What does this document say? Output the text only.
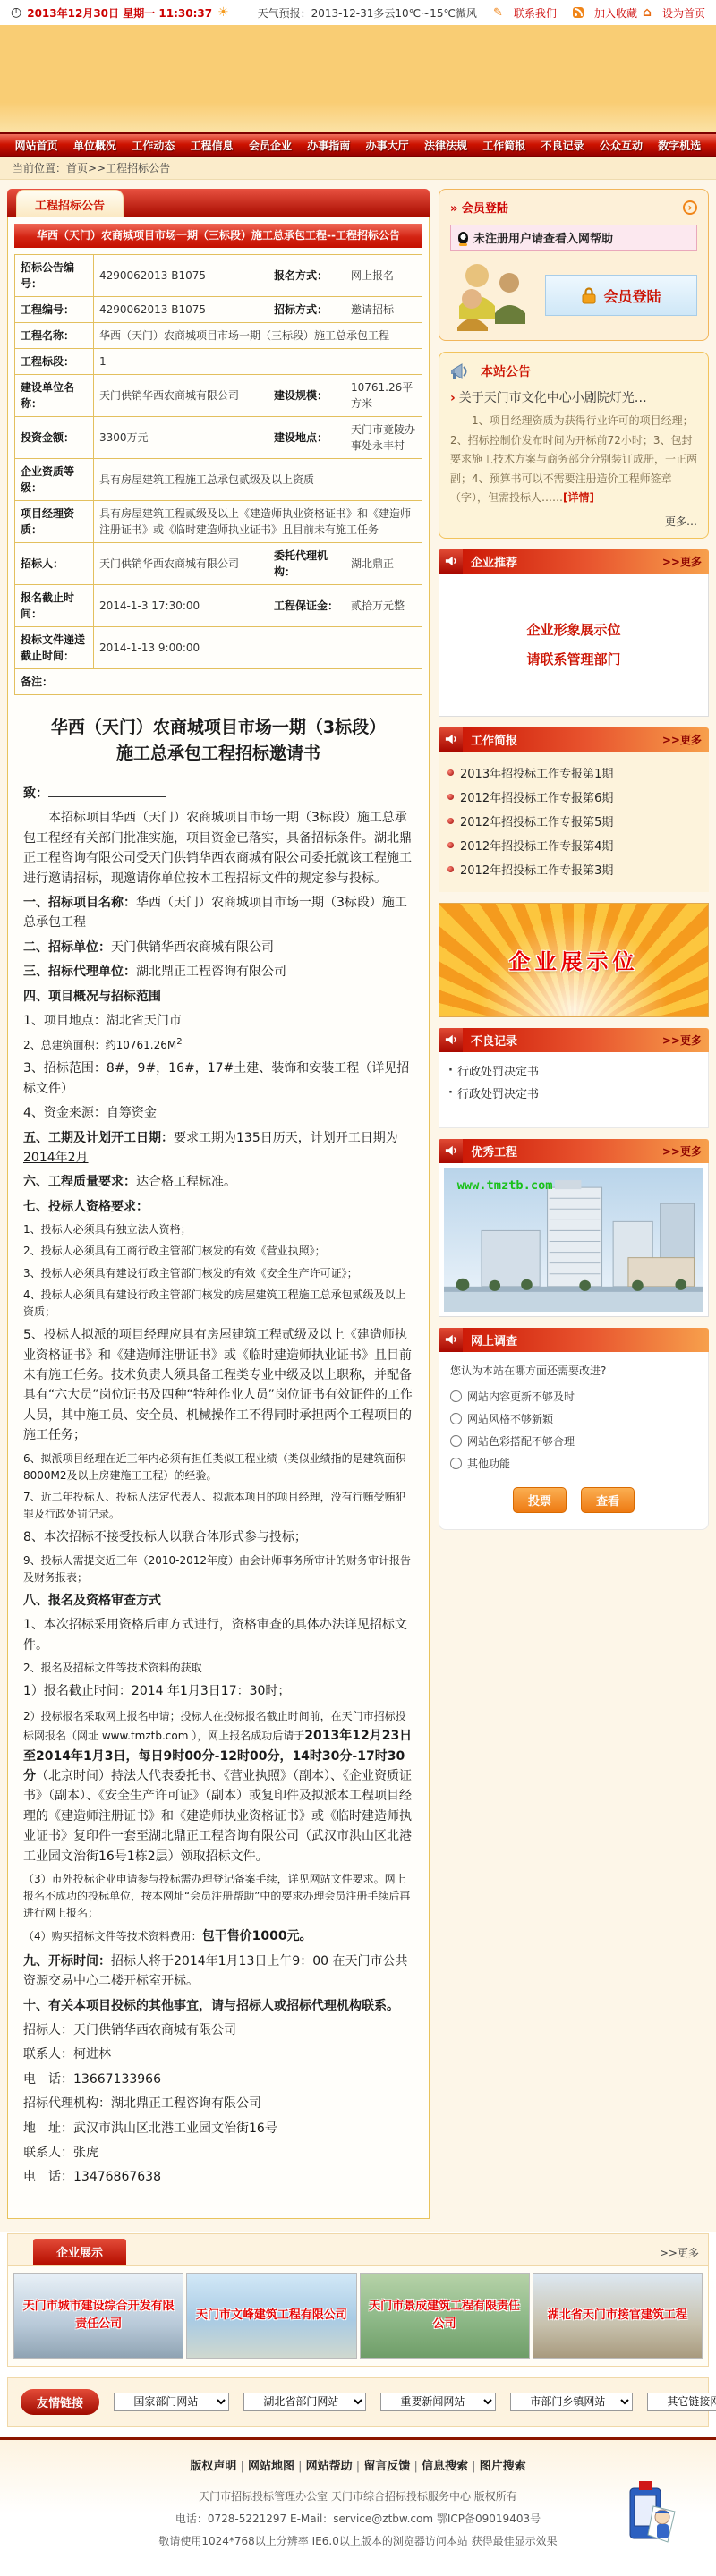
◷ 2013年12月30日 星期一 11:30:37 ☀	天气预报：2013-12-31多云10℃~15℃微风 ✎ 联系我们	加入收藏 ⌂ 设为首页
网站首页 单位概况 工作动态 工程信息 会员企业 办事指南 办事大厅 法律法规 工作简报 不良记录 公众互动 数字机选
当前位置：首页>>工程招标公告
工程招标公告
华西（天门）农商城项目市场一期（三标段）施工总承包工程--工程招标公告
招标公告编号：	4290062013-B1075	报名方式：	网上报名
工程编号：	4290062013-B1075	招标方式：	邀请招标
工程名称：	华西（天门）农商城项目市场一期（三标段）施工总承包工程		
工程标段：	1		
建设单位名称：	天门供销华西农商城有限公司	建设规模：	10761.26平方米
投资金额：	3300万元	建设地点：	天门市竟陵办事处永丰村
企业资质等级：	具有房屋建筑工程施工总承包贰级及以上资质		
项目经理资质：	具有房屋建筑工程贰级及以上《建造师执业资格证书》和《建造师注册证书》或《临时建造师执业证书》且目前未有施工任务		
招标人：	天门供销华西农商城有限公司	委托代理机构：	湖北鼎正
报名截止时间：	2014-1-3 17:30:00	工程保证金：	贰拾万元整
投标文件递送截止时间：	2014-1-13 9:00:00		
备注：			
华西（天门）农商城项目市场一期（3标段）
施工总承包工程招标邀请书

致：

本招标项目华西（天门）农商城项目市场一期（3标段）施工总承包工程经有关部门批准实施，项目资金已落实，具备招标条件。湖北鼎正工程咨询有限公司受天门供销华西农商城有限公司委托就该工程施工进行邀请招标，现邀请你单位按本工程招标文件的规定参与投标。

一、招标项目名称：华西（天门）农商城项目市场一期（3标段）施工总承包工程

二、招标单位：天门供销华西农商城有限公司

三、招标代理单位：湖北鼎正工程咨询有限公司

四、项目概况与招标范围

1、项目地点：湖北省天门市

2、总建筑面积：约$10761.26M^2$

3、招标范围：8#，9#，16#，17#土建、装饰和安装工程（详见招标文件）

4、资金来源：自筹资金

五、工期及计划开工日期：要求工期为135日历天，计划开工日期为2014年2月

六、工程质量要求：达合格工程标准。

七、投标人资格要求：

1、投标人必须具有独立法人资格；

2、投标人必须具有工商行政主管部门核发的有效《营业执照》；

3、投标人必须具有建设行政主管部门核发的有效《安全生产许可证》；

4、投标人必须具有建设行政主管部门核发的房屋建筑工程施工总承包贰级及以上资质；

5、投标人拟派的项目经理应具有房屋建筑工程贰级及以上《建造师执业资格证书》和《建造师注册证书》或《临时建造师执业证书》且目前未有施工任务。技术负责人须具备工程类专业中级及以上职称，并配备具有“六大员”岗位证书及四种“特种作业人员”岗位证书有效证件的工作人员，其中施工员、安全员、机械操作工不得同时承担两个工程项目的施工任务；

6、拟派项目经理在近三年内必须有担任类似工程业绩（类似业绩指的是建筑面积8000M2及以上房建施工工程）的经验。

7、近二年投标人、投标人法定代表人、拟派本项目的项目经理，没有行贿受贿犯罪及行政处罚记录。

8、本次招标不接受投标人以联合体形式参与投标；

9、投标人需提交近三年（2010-2012年度）由会计师事务所审计的财务审计报告及财务报表；

八、报名及资格审查方式

1、本次招标采用资格后审方式进行，资格审查的具体办法详见招标文件。

2、报名及招标文件等技术资料的获取

1）报名截止时间：2014 年1月3日17：30时；

2）投标报名采取网上报名申请；投标人在投标报名截止时间前，在天门市招标投标网报名（网址 www.tmztb.com ），网上报名成功后请于2013年12月23日至2014年1月3日，每日9时00分-12时00分，14时30分-17时30分（北京时间）持法人代表委托书、《营业执照》（副本）、《企业资质证书》（副本）、《安全生产许可证》（副本）或复印件及拟派本工程项目经理的《建造师注册证书》和《建造师执业资格证书》或《临时建造师执业证书》复印件一套至湖北鼎正工程咨询有限公司（武汉市洪山区北港工业园文治街16号1栋2层）领取招标文件。

（3）市外投标企业申请参与投标需办理登记备案手续，详见网站文件要求。网上报名不成功的投标单位，按本网址“会员注册帮助”中的要求办理会员注册手续后再进行网上报名；

（4）购买招标文件等技术资料费用：包干售价1000元。

九、开标时间：招标人将于2014年1月13日上午9：00 在天门市公共资源交易中心二楼开标室开标。

十、有关本项目投标的其他事宜，请与招标人或招标代理机构联系。

招标人：天门供销华西农商城有限公司

联系人：柯进林

电　话：13667133966

招标代理机构：湖北鼎正工程咨询有限公司

地　址：武汉市洪山区北港工业园文治街16号

联系人：张虎

电　话：13476867638

» 会员登陆	›
未注册用户请查看入网帮助
会员登陆
本站公告
› 关于天门市文化中心小剧院灯光…
1、项目经理资质为获得行业许可的项目经理；2、招标控制价发布时间为开标前72小时；3、包封要求施工技术方案与商务部分分别装订成册，一正两副；4、预算书可以不需要注册造价工程师签章（字），但需投标人……[详情]
更多…
企业推荐	>>更多
企业形象展示位
请联系管理部门
工作简报	>>更多
2013年招投标工作专报第1期
2012年招投标工作专报第6期
2012年招投标工作专报第5期
2012年招投标工作专报第4期
2012年招投标工作专报第3期
企业展示位
不良记录	>>更多
· 行政处罚决定书
· 行政处罚决定书
优秀工程	>>更多
www.tmztb.com
网上调查
您认为本站在哪方面还需要改进?
网站内容更新不够及时
网站风格不够新颖
网站色彩搭配不够合理
其他功能
投票	查看
企业展示	>>更多
天门市城市建设综合开发有限责任公司
天门市文峰建筑工程有限公司
天门市景成建筑工程有限责任公司
湖北省天门市接官建筑工程
友情链接
----国家部门网站----
----湖北省部门网站---
----重要新闻网站----
----市部门乡镇网站---
----其它链接网站----
版权声明 | 网站地图 | 网站帮助 | 留言反馈 | 信息搜索 | 图片搜索
天门市招标投标管理办公室 天门市综合招标投标服务中心 版权所有
电话：0728-5221297 E-Mail：service@ztbw.com 鄂ICP备09019403号
敬请使用1024*768以上分辨率 IE6.0以上版本的浏览器访问本站 获得最佳显示效果
